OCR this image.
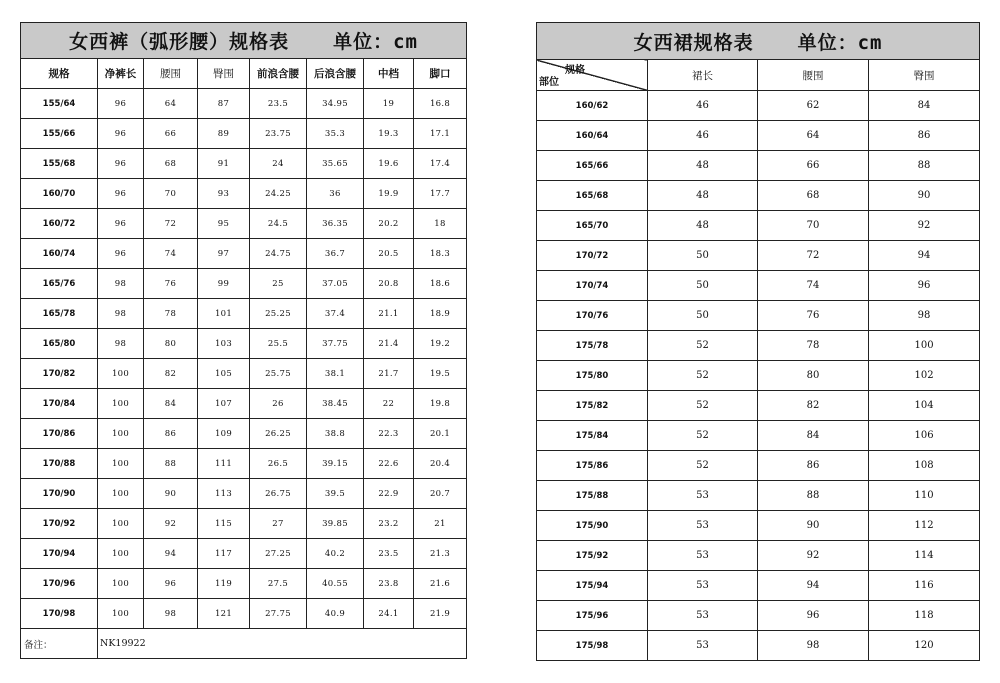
女西裤（弧形腰）规格表 单位：cm							
规格	净裤长	腰围	臀围	前浪含腰	后浪含腰	中档	脚口
155/64	96	64	87	23.5	34.95	19	16.8
155/66	96	66	89	23.75	35.3	19.3	17.1
155/68	96	68	91	24	35.65	19.6	17.4
160/70	96	70	93	24.25	36	19.9	17.7
160/72	96	72	95	24.5	36.35	20.2	18
160/74	96	74	97	24.75	36.7	20.5	18.3
165/76	98	76	99	25	37.05	20.8	18.6
165/78	98	78	101	25.25	37.4	21.1	18.9
165/80	98	80	103	25.5	37.75	21.4	19.2
170/82	100	82	105	25.75	38.1	21.7	19.5
170/84	100	84	107	26	38.45	22	19.8
170/86	100	86	109	26.25	38.8	22.3	20.1
170/88	100	88	111	26.5	39.15	22.6	20.4
170/90	100	90	113	26.75	39.5	22.9	20.7
170/92	100	92	115	27	39.85	23.2	21
170/94	100	94	117	27.25	40.2	23.5	21.3
170/96	100	96	119	27.5	40.55	23.8	21.6
170/98	100	98	121	27.75	40.9	24.1	21.9
备注：	NK19922						
女西裙规格表 单位：cm			

规格
部位	裙长	腰围	臀围
160/62	46	62	84
160/64	46	64	86
165/66	48	66	88
165/68	48	68	90
165/70	48	70	92
170/72	50	72	94
170/74	50	74	96
170/76	50	76	98
175/78	52	78	100
175/80	52	80	102
175/82	52	82	104
175/84	52	84	106
175/86	52	86	108
175/88	53	88	110
175/90	53	90	112
175/92	53	92	114
175/94	53	94	116
175/96	53	96	118
175/98	53	98	120
